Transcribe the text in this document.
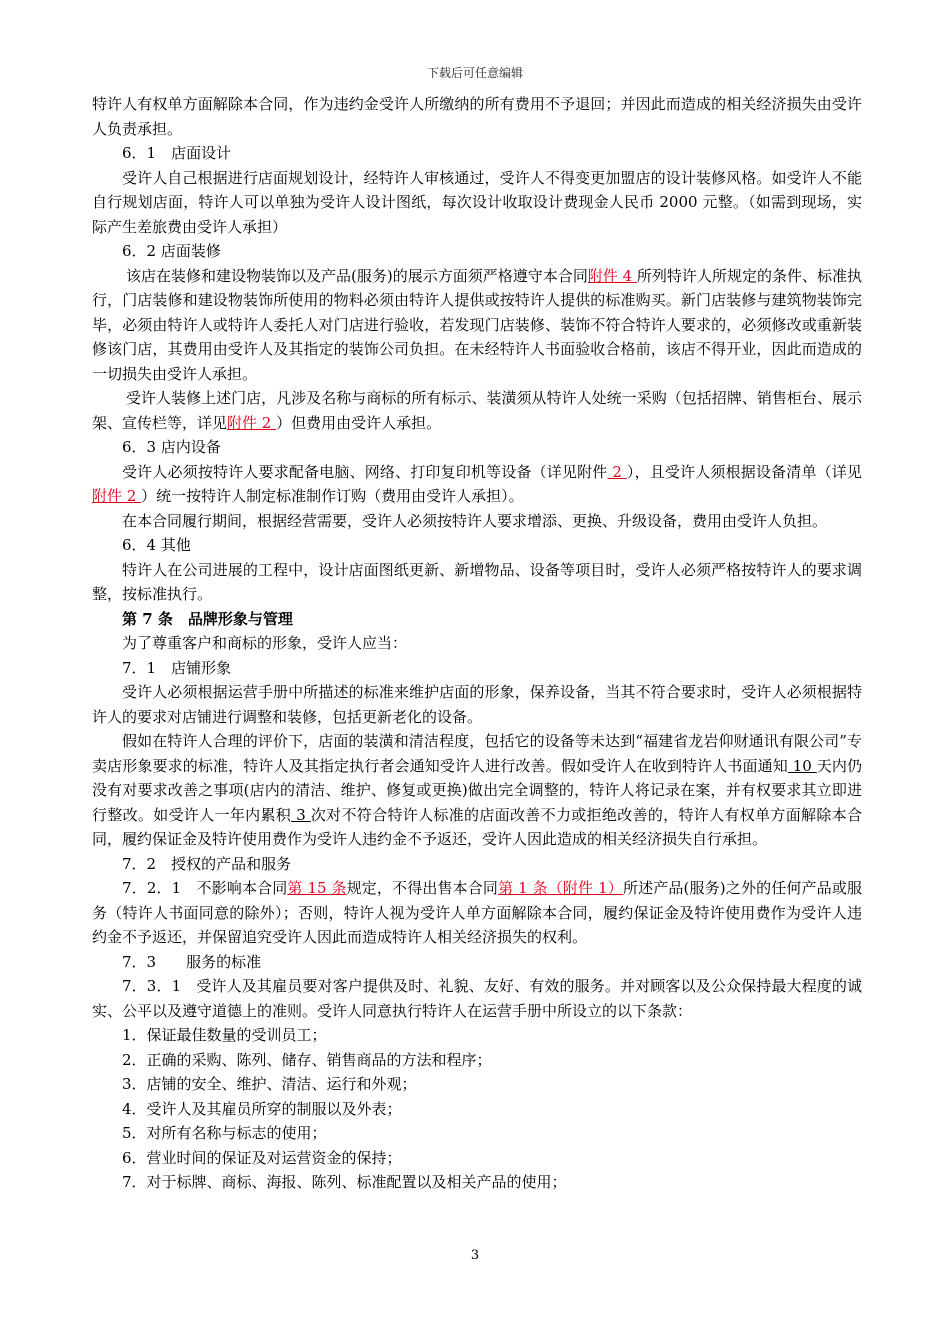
下载后可任意编辑

特许人有权单方面解除本合同，作为违约金受许人所缴纳的所有费用不予退回；并因此而造成的相关经济损失由受许人负责承担。

6．1　店面设计

受许人自己根据进行店面规划设计，经特许人审核通过，受许人不得变更加盟店的设计装修风格。如受许人不能自行规划店面，特许人可以单独为受许人设计图纸，每次设计收取设计费现金人民币 2000 元整。（如需到现场，实际产生差旅费由受许人承担）

6．2 店面装修

该店在装修和建设物装饰以及产品(服务)的展示方面须严格遵守本合同附件 4 所列特许人所规定的条件、标准执行，门店装修和建设物装饰所使用的物料必须由特许人提供或按特许人提供的标准购买。新门店装修与建筑物装饰完毕，必须由特许人或特许人委托人对门店进行验收，若发现门店装修、装饰不符合特许人要求的，必须修改或重新装修该门店，其费用由受许人及其指定的装饰公司负担。在未经特许人书面验收合格前，该店不得开业，因此而造成的一切损失由受许人承担。

受许人装修上述门店，凡涉及名称与商标的所有标示、装潢须从特许人处统一采购（包括招牌、销售柜台、展示架、宣传栏等，详见附件 2 ）但费用由受许人承担。

6．3 店内设备

受许人必须按特许人要求配备电脑、网络、打印复印机等设备（详见附件 2 ），且受许人须根据设备清单（详见附件 2 ）统一按特许人制定标准制作订购（费用由受许人承担）。

在本合同履行期间，根据经营需要，受许人必须按特许人要求增添、更换、升级设备，费用由受许人负担。

6．4 其他

特许人在公司进展的工程中，设计店面图纸更新、新增物品、设备等项目时，受许人必须严格按特许人的要求调整，按标准执行。

第 7 条　品牌形象与管理

为了尊重客户和商标的形象，受许人应当：

7．1　店铺形象

受许人必须根据运营手册中所描述的标准来维护店面的形象，保养设备，当其不符合要求时，受许人必须根据特许人的要求对店铺进行调整和装修，包括更新老化的设备。

假如在特许人合理的评价下，店面的装潢和清洁程度，包括它的设备等未达到“福建省龙岩仰财通讯有限公司”专卖店形象要求的标准，特许人及其指定执行者会通知受许人进行改善。假如受许人在收到特许人书面通知 10 天内仍没有对要求改善之事项(店内的清洁、维护、修复或更换)做出完全调整的，特许人将记录在案，并有权要求其立即进行整改。如受许人一年内累积 3 次对不符合特许人标准的店面改善不力或拒绝改善的，特许人有权单方面解除本合同，履约保证金及特许使用费作为受许人违约金不予返还，受许人因此造成的相关经济损失自行承担。

7．2　授权的产品和服务

7．2．1　不影响本合同第 15 条规定，不得出售本合同第 1 条（附件 1）所述产品(服务)之外的任何产品或服务（特许人书面同意的除外）；否则，特许人视为受许人单方面解除本合同，履约保证金及特许使用费作为受许人违约金不予返还，并保留追究受许人因此而造成特许人相关经济损失的权利。

7．3　　服务的标准

7．3．1　受许人及其雇员要对客户提供及时、礼貌、友好、有效的服务。并对顾客以及公众保持最大程度的诚实、公平以及遵守道德上的准则。受许人同意执行特许人在运营手册中所设立的以下条款：

1．保证最佳数量的受训员工；

2．正确的采购、陈列、储存、销售商品的方法和程序；

3．店铺的安全、维护、清洁、运行和外观；

4．受许人及其雇员所穿的制服以及外表；

5．对所有名称与标志的使用；

6．营业时间的保证及对运营资金的保持；

7．对于标牌、商标、海报、陈列、标准配置以及相关产品的使用；

3
